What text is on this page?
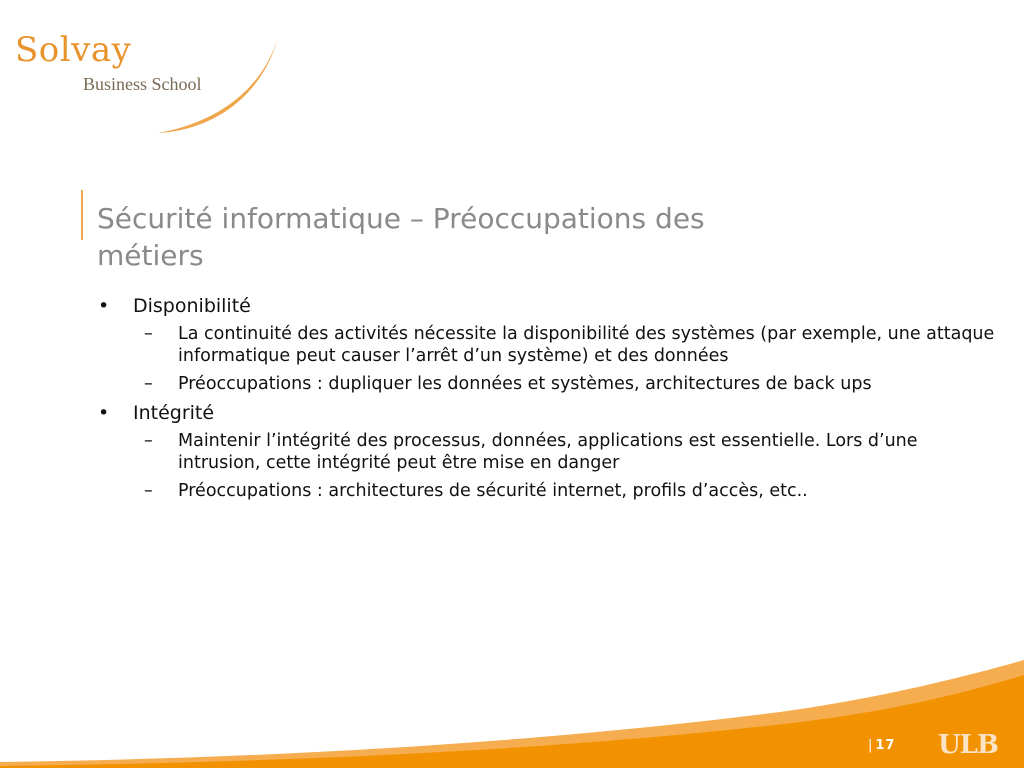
Solvay
Business School
Sécurité informatique – Préoccupations des métiers
• Disponibilité
– La continuité des activités nécessite la disponibilité des systèmes (par exemple, une attaque informatique peut causer l’arrêt d’un système) et des données
– Préoccupations : dupliquer les données et systèmes, architectures de back ups
• Intégrité
– Maintenir l’intégrité des processus, données, applications est essentielle. Lors d’une intrusion, cette intégrité peut être mise en danger
– Préoccupations : architectures de sécurité internet, profils d’accès, etc..
| 17 ULB
